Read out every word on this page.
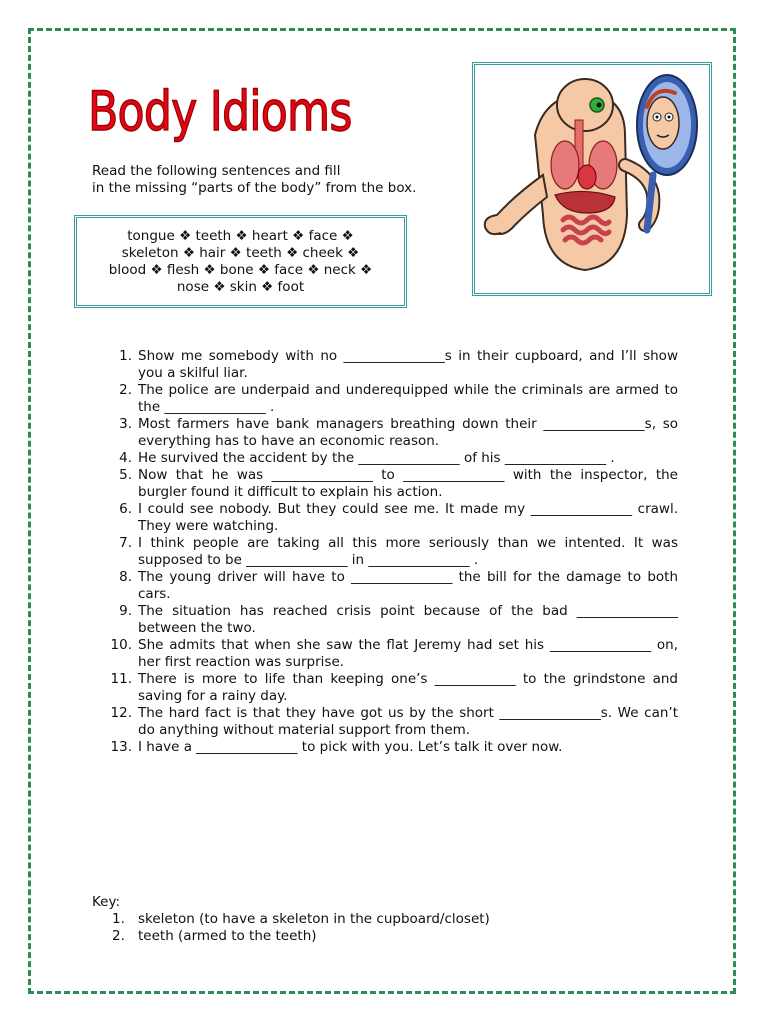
Body Idioms
Read the following sentences and fill
in the missing “parts of the body” from the box.
tongue ❖ teeth ❖ heart ❖ face ❖
skeleton ❖ hair ❖ teeth ❖ cheek ❖
blood ❖ flesh ❖ bone ❖ face ❖ neck ❖
nose ❖ skin ❖ foot
1. Show me somebody with no _______________s in their cupboard, and I’ll show you a skilful liar.
2. The police are underpaid and underequipped while the criminals are armed to the _______________ .
3. Most farmers have bank managers breathing down their _______________s, so everything has to have an economic reason.
4. He survived the accident by the _______________ of his _______________ .
5. Now that he was _______________ to _______________ with the inspector, the burgler found it difficult to explain his action.
6. I could see nobody. But they could see me. It made my _______________ crawl. They were watching.
7. I think people are taking all this more seriously than we intented. It was supposed to be _______________ in _______________ .
8. The young driver will have to _______________ the bill for the damage to both cars.
9. The situation has reached crisis point because of the bad _______________ between the two.
10. She admits that when she saw the flat Jeremy had set his _______________ on, her first reaction was surprise.
11. There is more to life than keeping one’s ____________ to the grindstone and saving for a rainy day.
12. The hard fact is that they have got us by the short _______________s. We can’t do anything without material support from them.
13. I have a _______________ to pick with you. Let’s talk it over now.
Key:
1. skeleton (to have a skeleton in the cupboard/closet)
2. teeth (armed to the teeth)
